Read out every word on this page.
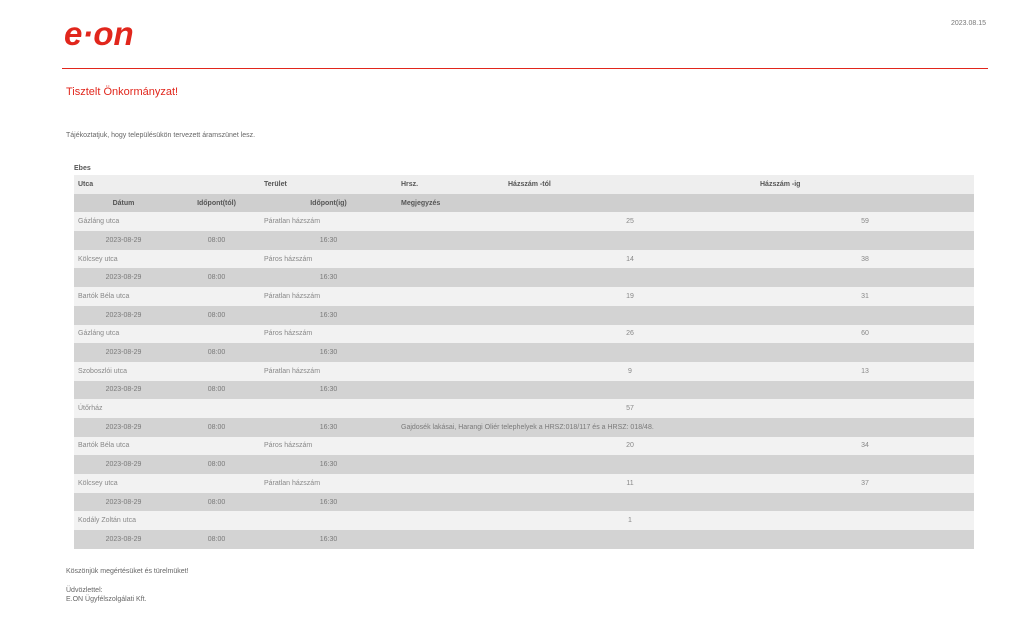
e·on	2023.08.15
Tisztelt Önkormányzat!
Tájékoztatjuk, hogy településükön tervezett áramszünet lesz.
Ebes
Utca		Terület	Hrsz.	Házszám -tól	Házszám -ig
Dátum	Időpont(tól)	Időpont(ig)	Megjegyzés		
Gázláng utca		Páratlan házszám		25	59
2023-08-29	08:00	16:30			
Kölcsey utca		Páros házszám		14	38
2023-08-29	08:00	16:30			
Bartók Béla utca		Páratlan házszám		19	31
2023-08-29	08:00	16:30			
Gázláng utca		Páros házszám		26	60
2023-08-29	08:00	16:30			
Szoboszlói utca		Páratlan házszám		9	13
2023-08-29	08:00	16:30			
Útőrház				57	
2023-08-29	08:00	16:30	Gajdosék lakásai, Harangi Oliér telephelyek a HRSZ:018/117 és a HRSZ: 018/48.		
Bartók Béla utca		Páros házszám		20	34
2023-08-29	08:00	16:30			
Kölcsey utca		Páratlan házszám		11	37
2023-08-29	08:00	16:30			
Kodály Zoltán utca				1	
2023-08-29	08:00	16:30			
Köszönjük megértésüket és türelmüket!
Üdvözlettel:
E.ON Ügyfélszolgálati Kft.
